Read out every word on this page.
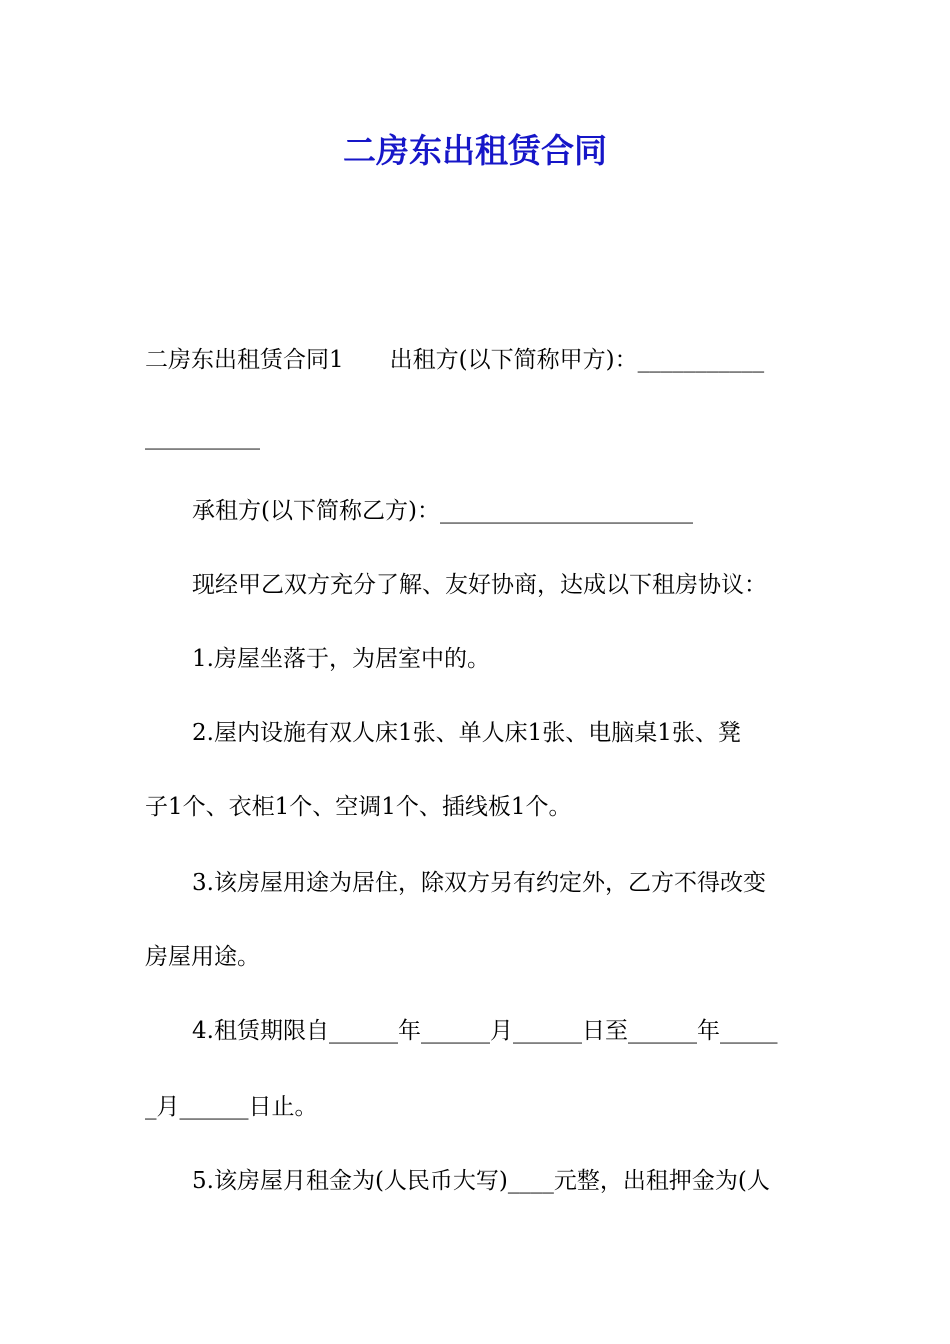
二房东出租赁合同

二房东出租赁合同1　　出租方(以下简称甲方)：___________

__________

承租方(以下简称乙方)：______________________

现经甲乙双方充分了解、友好协商，达成以下租房协议：

1.房屋坐落于，为居室中的。

2.屋内设施有双人床1张、单人床1张、电脑桌1张、凳

子1个、衣柜1个、空调1个、插线板1个。

3.该房屋用途为居住，除双方另有约定外，乙方不得改变

房屋用途。

4.租赁期限自______年______月______日至______年_____

_月______日止。

5.该房屋月租金为(人民币大写)____元整，出租押金为(人
